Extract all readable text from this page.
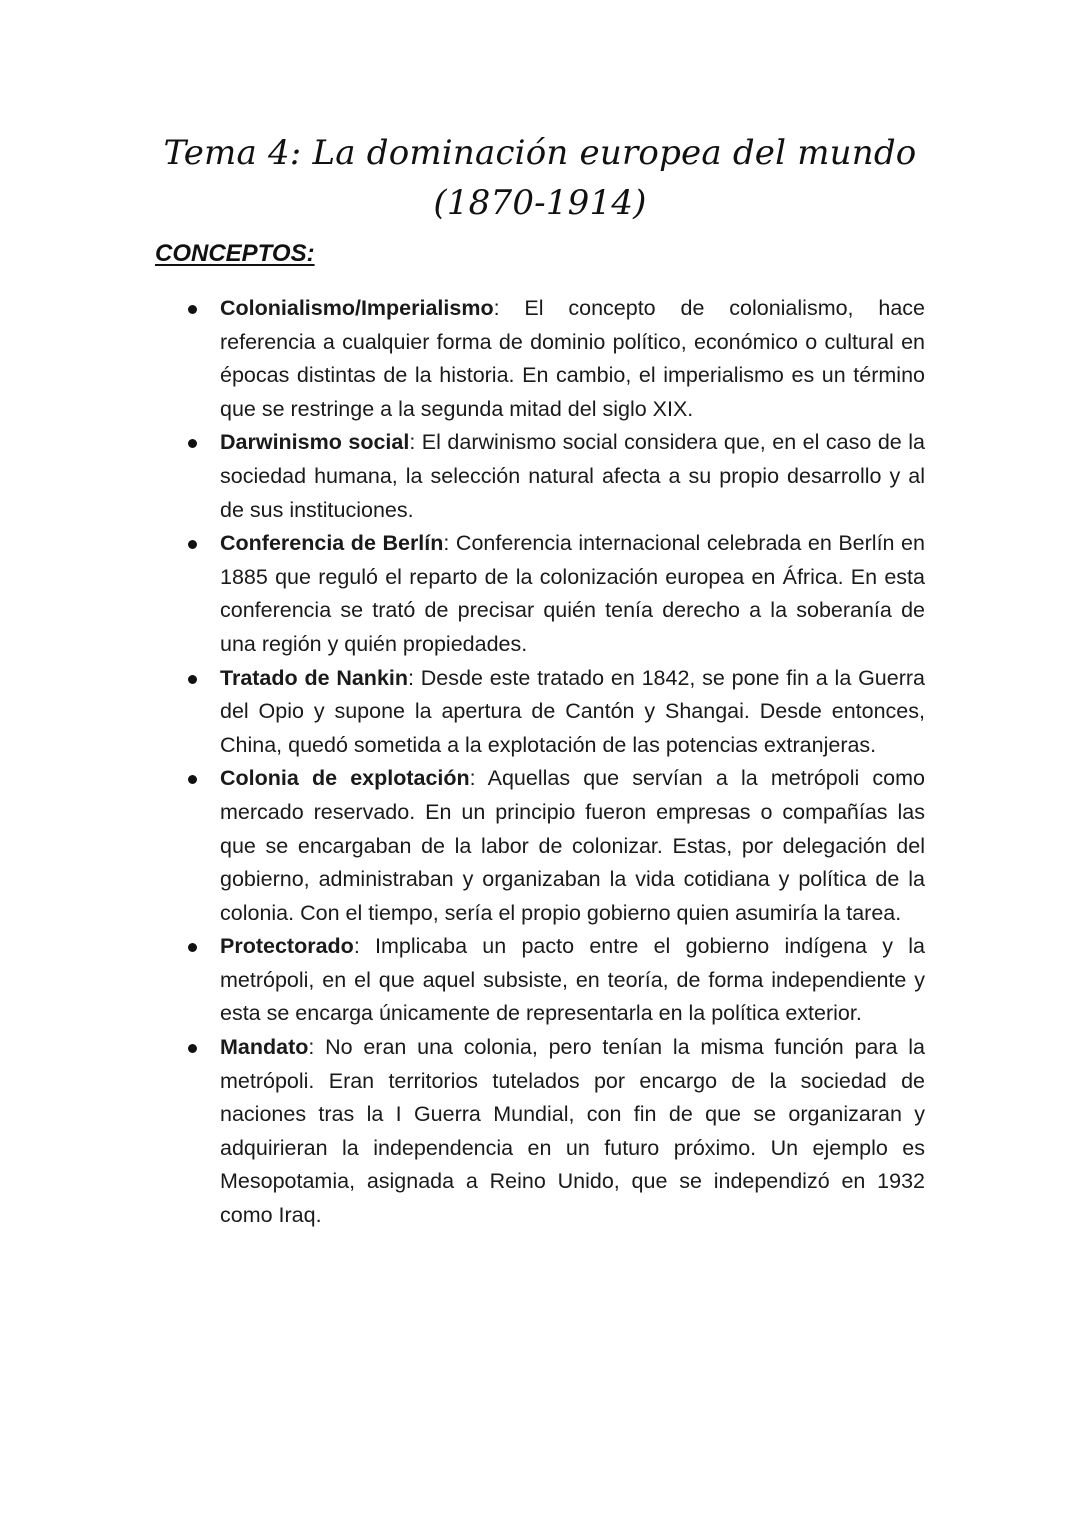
Tema 4: La dominación europea del mundo
(1870-1914)
CONCEPTOS:
Colonialismo/Imperialismo: El concepto de colonialismo, hace referencia a cualquier forma de dominio político, económico o cultural en épocas distintas de la historia. En cambio, el imperialismo es un término que se restringe a la segunda mitad del siglo XIX.
Darwinismo social: El darwinismo social considera que, en el caso de la sociedad humana, la selección natural afecta a su propio desarrollo y al de sus instituciones.
Conferencia de Berlín: Conferencia internacional celebrada en Berlín en 1885 que reguló el reparto de la colonización europea en África. En esta conferencia se trató de precisar quién tenía derecho a la soberanía de una región y quién propiedades.
Tratado de Nankin: Desde este tratado en 1842, se pone fin a la Guerra del Opio y supone la apertura de Cantón y Shangai. Desde entonces, China, quedó sometida a la explotación de las potencias extranjeras.
Colonia de explotación: Aquellas que servían a la metrópoli como mercado reservado. En un principio fueron empresas o compañías las que se encargaban de la labor de colonizar. Estas, por delegación del gobierno, administraban y organizaban la vida cotidiana y política de la colonia. Con el tiempo, sería el propio gobierno quien asumiría la tarea.
Protectorado: Implicaba un pacto entre el gobierno indígena y la metrópoli, en el que aquel subsiste, en teoría, de forma independiente y esta se encarga únicamente de representarla en la política exterior.
Mandato: No eran una colonia, pero tenían la misma función para la metrópoli. Eran territorios tutelados por encargo de la sociedad de naciones tras la I Guerra Mundial, con fin de que se organizaran y adquirieran la independencia en un futuro próximo. Un ejemplo es Mesopotamia, asignada a Reino Unido, que se independizó en 1932 como Iraq.
